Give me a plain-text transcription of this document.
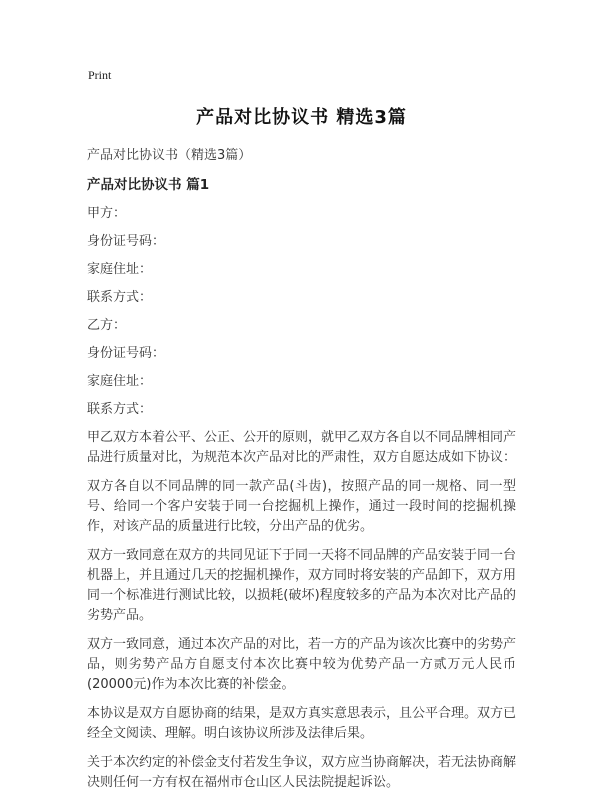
Print
产品对比协议书 精选3篇

产品对比协议书（精选3篇）

产品对比协议书 篇1

甲方：

身份证号码：

家庭住址：

联系方式：

乙方：

身份证号码：

家庭住址：

联系方式：

甲乙双方本着公平、公正、公开的原则，就甲乙双方各自以不同品牌相同产品进行质量对比，为规范本次产品对比的严肃性，双方自愿达成如下协议：

双方各自以不同品牌的同一款产品(斗齿)，按照产品的同一规格、同一型号、给同一个客户安装于同一台挖掘机上操作，通过一段时间的挖掘机操作，对该产品的质量进行比较，分出产品的优劣。

双方一致同意在双方的共同见证下于同一天将不同品牌的产品安装于同一台机器上，并且通过几天的挖掘机操作，双方同时将安装的产品卸下，双方用同一个标准进行测试比较，以损耗(破坏)程度较多的产品为本次对比产品的劣势产品。

双方一致同意，通过本次产品的对比，若一方的产品为该次比赛中的劣势产品，则劣势产品方自愿支付本次比赛中较为优势产品一方贰万元人民币(20000元)作为本次比赛的补偿金。

本协议是双方自愿协商的结果，是双方真实意思表示，且公平合理。双方已经全文阅读、理解。明白该协议所涉及法律后果。

关于本次约定的补偿金支付若发生争议，双方应当协商解决，若无法协商解决则任何一方有权在福州市仓山区人民法院提起诉讼。
